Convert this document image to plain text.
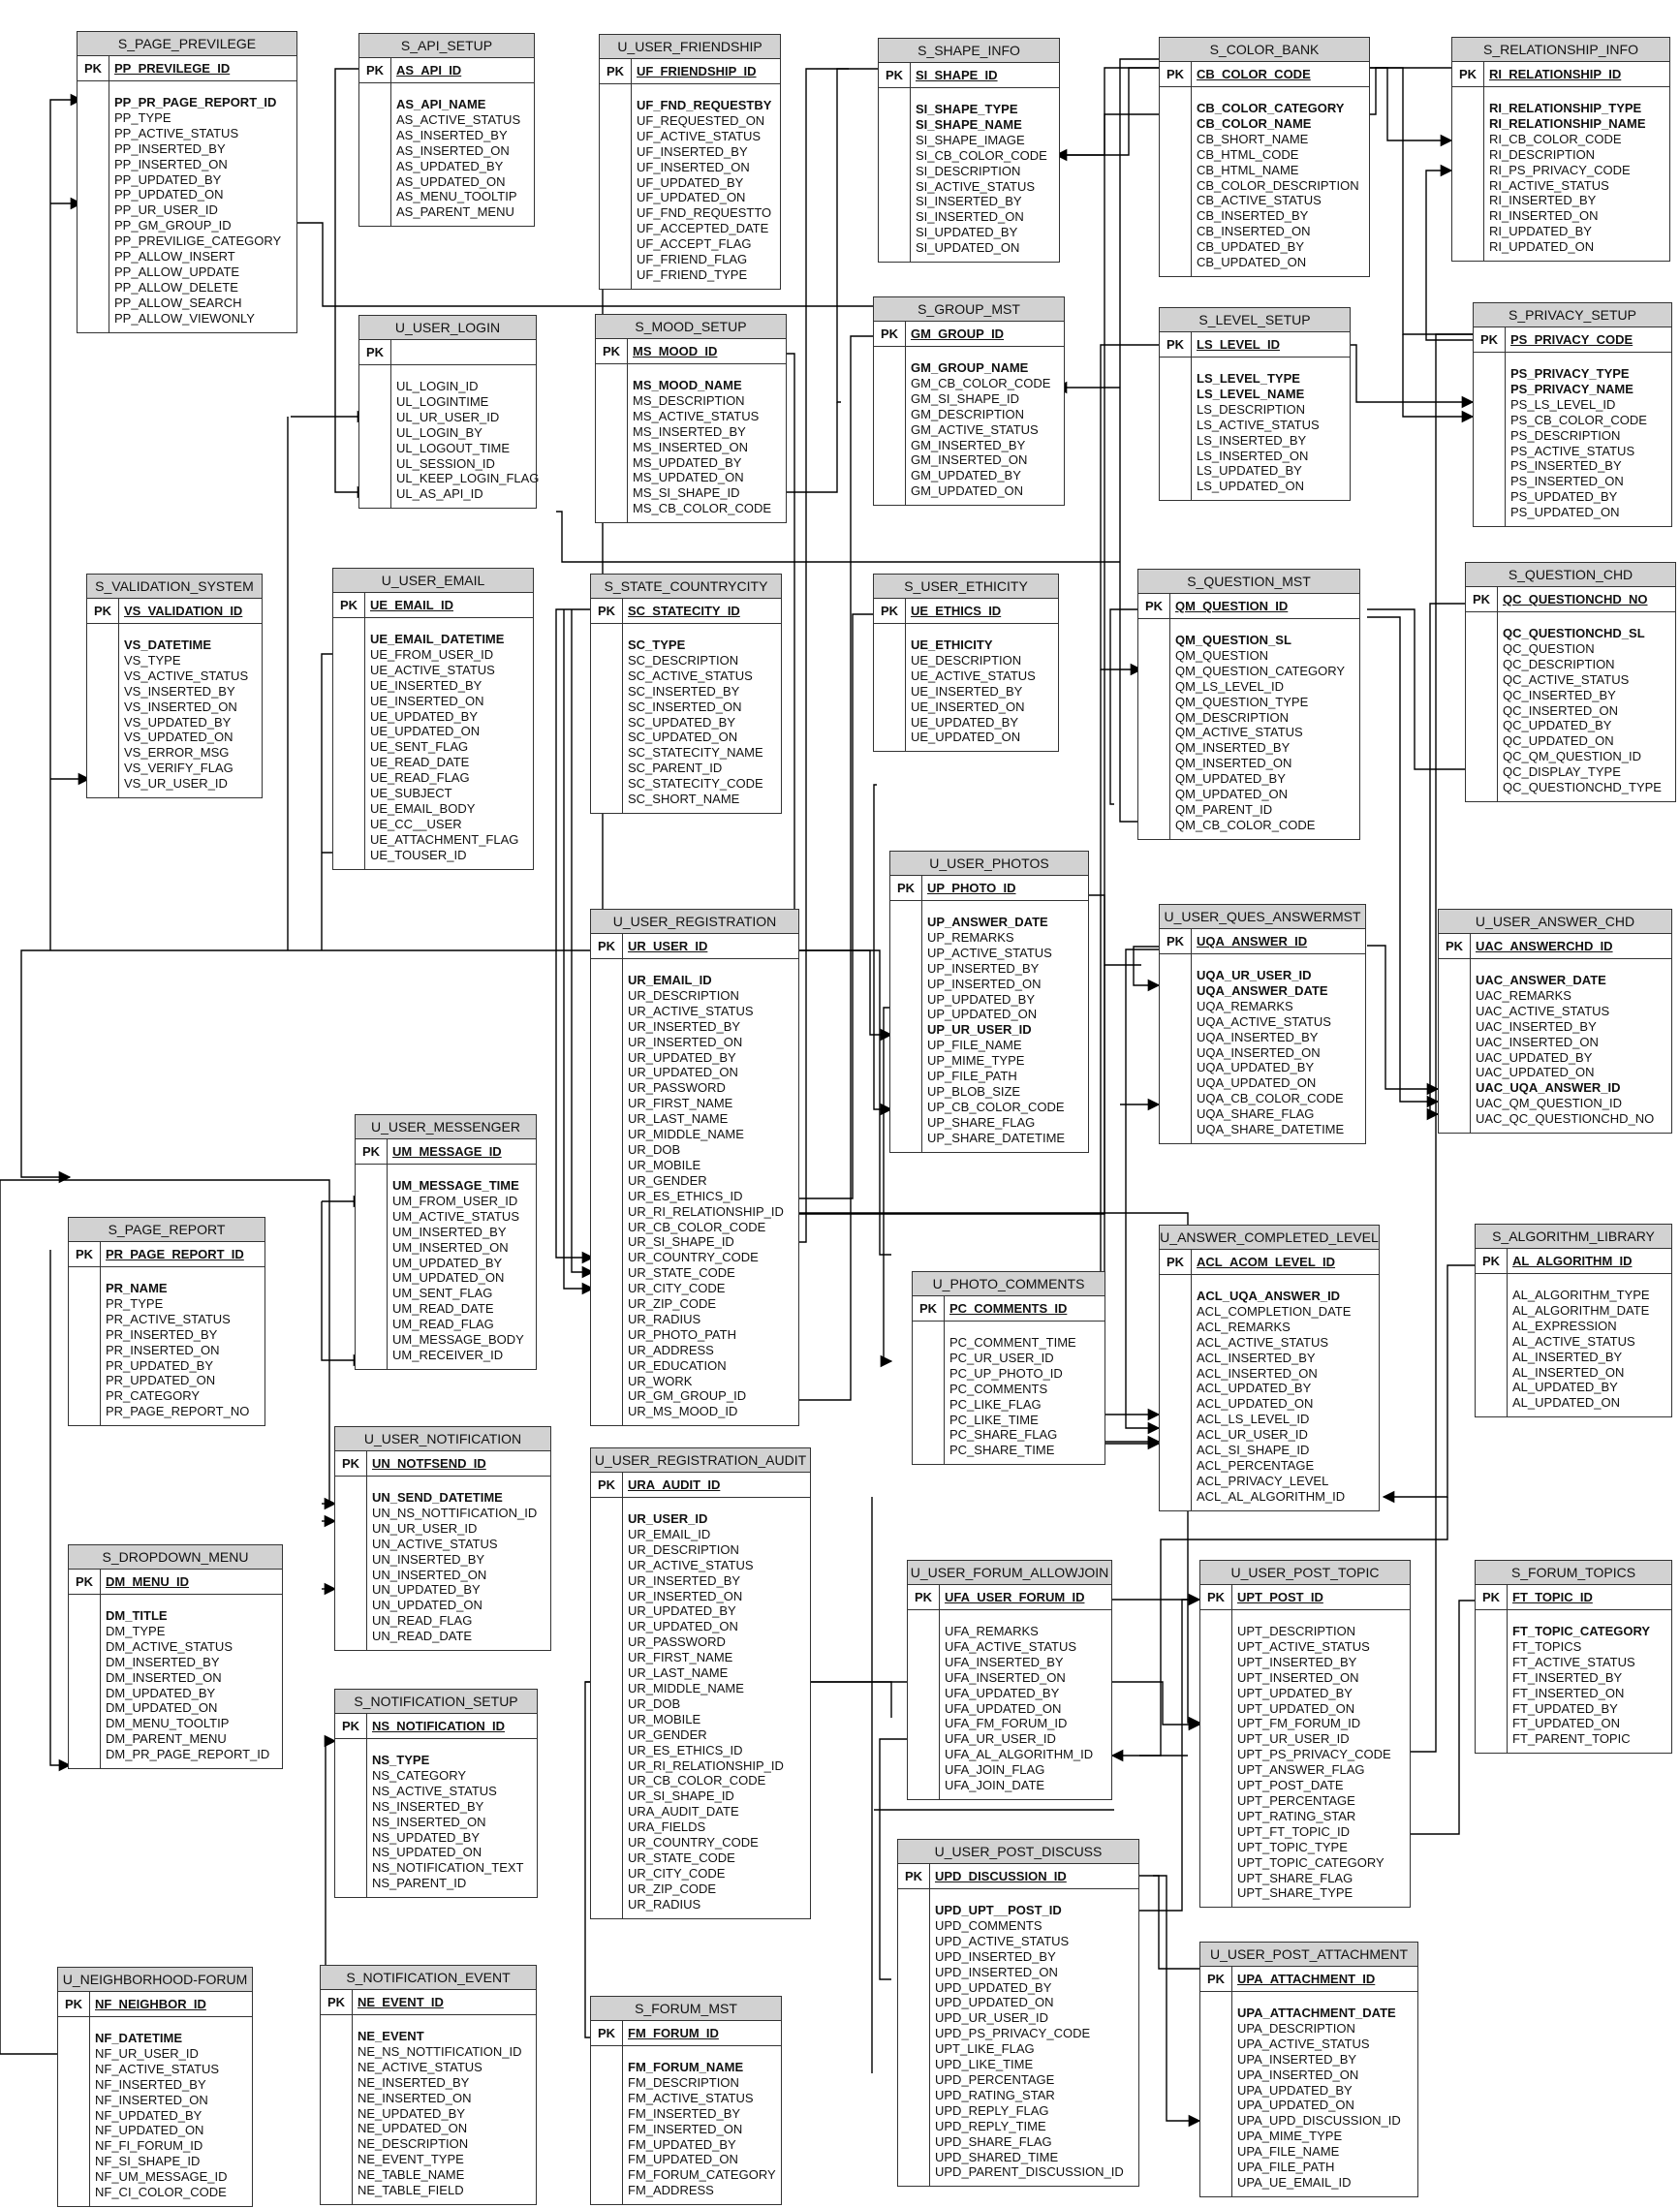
S_PAGE_PREVILEGE
PK PP_PREVILEGE_ID
PP_PR_PAGE_REPORT_ID
PP_TYPE
PP_ACTIVE_STATUS
PP_INSERTED_BY
PP_INSERTED_ON
PP_UPDATED_BY
PP_UPDATED_ON
PP_UR_USER_ID
PP_GM_GROUP_ID
PP_PREVILIGE_CATEGORY
PP_ALLOW_INSERT
PP_ALLOW_UPDATE
PP_ALLOW_DELETE
PP_ALLOW_SEARCH
PP_ALLOW_VIEWONLY
S_API_SETUP
PK AS_API_ID
AS_API_NAME
AS_ACTIVE_STATUS
AS_INSERTED_BY
AS_INSERTED_ON
AS_UPDATED_BY
AS_UPDATED_ON
AS_MENU_TOOLTIP
AS_PARENT_MENU
U_USER_FRIENDSHIP
PK UF_FRIENDSHIP_ID
UF_FND_REQUESTBY
UF_REQUESTED_ON
UF_ACTIVE_STATUS
UF_INSERTED_BY
UF_INSERTED_ON
UF_UPDATED_BY
UF_UPDATED_ON
UF_FND_REQUESTTO
UF_ACCEPTED_DATE
UF_ACCEPT_FLAG
UF_FRIEND_FLAG
UF_FRIEND_TYPE
S_SHAPE_INFO
PK SI_SHAPE_ID
SI_SHAPE_TYPE
SI_SHAPE_NAME
SI_SHAPE_IMAGE
SI_CB_COLOR_CODE
SI_DESCRIPTION
SI_ACTIVE_STATUS
SI_INSERTED_BY
SI_INSERTED_ON
SI_UPDATED_BY
SI_UPDATED_ON
S_COLOR_BANK
PK CB_COLOR_CODE
CB_COLOR_CATEGORY
CB_COLOR_NAME
CB_SHORT_NAME
CB_HTML_CODE
CB_HTML_NAME
CB_COLOR_DESCRIPTION
CB_ACTIVE_STATUS
CB_INSERTED_BY
CB_INSERTED_ON
CB_UPDATED_BY
CB_UPDATED_ON
S_RELATIONSHIP_INFO
PK RI_RELATIONSHIP_ID
RI_RELATIONSHIP_TYPE
RI_RELATIONSHIP_NAME
RI_CB_COLOR_CODE
RI_DESCRIPTION
RI_PS_PRIVACY_CODE
RI_ACTIVE_STATUS
RI_INSERTED_BY
RI_INSERTED_ON
RI_UPDATED_BY
RI_UPDATED_ON
U_USER_LOGIN
PK
UL_LOGIN_ID
UL_LOGINTIME
UL_UR_USER_ID
UL_LOGIN_BY
UL_LOGOUT_TIME
UL_SESSION_ID
UL_KEEP_LOGIN_FLAG
UL_AS_API_ID
S_MOOD_SETUP
PK MS_MOOD_ID
MS_MOOD_NAME
MS_DESCRIPTION
MS_ACTIVE_STATUS
MS_INSERTED_BY
MS_INSERTED_ON
MS_UPDATED_BY
MS_UPDATED_ON
MS_SI_SHAPE_ID
MS_CB_COLOR_CODE
S_GROUP_MST
PK GM_GROUP_ID
GM_GROUP_NAME
GM_CB_COLOR_CODE
GM_SI_SHAPE_ID
GM_DESCRIPTION
GM_ACTIVE_STATUS
GM_INSERTED_BY
GM_INSERTED_ON
GM_UPDATED_BY
GM_UPDATED_ON
S_LEVEL_SETUP
PK LS_LEVEL_ID
LS_LEVEL_TYPE
LS_LEVEL_NAME
LS_DESCRIPTION
LS_ACTIVE_STATUS
LS_INSERTED_BY
LS_INSERTED_ON
LS_UPDATED_BY
LS_UPDATED_ON
S_PRIVACY_SETUP
PK PS_PRIVACY_CODE
PS_PRIVACY_TYPE
PS_PRIVACY_NAME
PS_LS_LEVEL_ID
PS_CB_COLOR_CODE
PS_DESCRIPTION
PS_ACTIVE_STATUS
PS_INSERTED_BY
PS_INSERTED_ON
PS_UPDATED_BY
PS_UPDATED_ON
S_VALIDATION_SYSTEM
PK VS_VALIDATION_ID
VS_DATETIME
VS_TYPE
VS_ACTIVE_STATUS
VS_INSERTED_BY
VS_INSERTED_ON
VS_UPDATED_BY
VS_UPDATED_ON
VS_ERROR_MSG
VS_VERIFY_FLAG
VS_UR_USER_ID
U_USER_EMAIL
PK UE_EMAIL_ID
UE_EMAIL_DATETIME
UE_FROM_USER_ID
UE_ACTIVE_STATUS
UE_INSERTED_BY
UE_INSERTED_ON
UE_UPDATED_BY
UE_UPDATED_ON
UE_SENT_FLAG
UE_READ_DATE
UE_READ_FLAG
UE_SUBJECT
UE_EMAIL_BODY
UE_CC__USER
UE_ATTACHMENT_FLAG
UE_TOUSER_ID
S_STATE_COUNTRYCITY
PK SC_STATECITY_ID
SC_TYPE
SC_DESCRIPTION
SC_ACTIVE_STATUS
SC_INSERTED_BY
SC_INSERTED_ON
SC_UPDATED_BY
SC_UPDATED_ON
SC_STATECITY_NAME
SC_PARENT_ID
SC_STATECITY_CODE
SC_SHORT_NAME
S_USER_ETHICITY
PK UE_ETHICS_ID
UE_ETHICITY
UE_DESCRIPTION
UE_ACTIVE_STATUS
UE_INSERTED_BY
UE_INSERTED_ON
UE_UPDATED_BY
UE_UPDATED_ON
S_QUESTION_MST
PK QM_QUESTION_ID
QM_QUESTION_SL
QM_QUESTION
QM_QUESTION_CATEGORY
QM_LS_LEVEL_ID
QM_QUESTION_TYPE
QM_DESCRIPTION
QM_ACTIVE_STATUS
QM_INSERTED_BY
QM_INSERTED_ON
QM_UPDATED_BY
QM_UPDATED_ON
QM_PARENT_ID
QM_CB_COLOR_CODE
S_QUESTION_CHD
PK QC_QUESTIONCHD_NO
QC_QUESTIONCHD_SL
QC_QUESTION
QC_DESCRIPTION
QC_ACTIVE_STATUS
QC_INSERTED_BY
QC_INSERTED_ON
QC_UPDATED_BY
QC_UPDATED_ON
QC_QM_QUESTION_ID
QC_DISPLAY_TYPE
QC_QUESTIONCHD_TYPE
U_USER_PHOTOS
PK UP_PHOTO_ID
UP_ANSWER_DATE
UP_REMARKS
UP_ACTIVE_STATUS
UP_INSERTED_BY
UP_INSERTED_ON
UP_UPDATED_BY
UP_UPDATED_ON
UP_UR_USER_ID
UP_FILE_NAME
UP_MIME_TYPE
UP_FILE_PATH
UP_BLOB_SIZE
UP_CB_COLOR_CODE
UP_SHARE_FLAG
UP_SHARE_DATETIME
U_USER_QUES_ANSWERMST
PK UQA_ANSWER_ID
UQA_UR_USER_ID
UQA_ANSWER_DATE
UQA_REMARKS
UQA_ACTIVE_STATUS
UQA_INSERTED_BY
UQA_INSERTED_ON
UQA_UPDATED_BY
UQA_UPDATED_ON
UQA_CB_COLOR_CODE
UQA_SHARE_FLAG
UQA_SHARE_DATETIME
U_USER_ANSWER_CHD
PK UAC_ANSWERCHD_ID
UAC_ANSWER_DATE
UAC_REMARKS
UAC_ACTIVE_STATUS
UAC_INSERTED_BY
UAC_INSERTED_ON
UAC_UPDATED_BY
UAC_UPDATED_ON
UAC_UQA_ANSWER_ID
UAC_QM_QUESTION_ID
UAC_QC_QUESTIONCHD_NO
U_USER_REGISTRATION
PK UR_USER_ID
UR_EMAIL_ID
UR_DESCRIPTION
UR_ACTIVE_STATUS
UR_INSERTED_BY
UR_INSERTED_ON
UR_UPDATED_BY
UR_UPDATED_ON
UR_PASSWORD
UR_FIRST_NAME
UR_LAST_NAME
UR_MIDDLE_NAME
UR_DOB
UR_MOBILE
UR_GENDER
UR_ES_ETHICS_ID
UR_RI_RELATIONSHIP_ID
UR_CB_COLOR_CODE
UR_SI_SHAPE_ID
UR_COUNTRY_CODE
UR_STATE_CODE
UR_CITY_CODE
UR_ZIP_CODE
UR_RADIUS
UR_PHOTO_PATH
UR_ADDRESS
UR_EDUCATION
UR_WORK
UR_GM_GROUP_ID
UR_MS_MOOD_ID
U_USER_MESSENGER
PK UM_MESSAGE_ID
UM_MESSAGE_TIME
UM_FROM_USER_ID
UM_ACTIVE_STATUS
UM_INSERTED_BY
UM_INSERTED_ON
UM_UPDATED_BY
UM_UPDATED_ON
UM_SENT_FLAG
UM_READ_DATE
UM_READ_FLAG
UM_MESSAGE_BODY
UM_RECEIVER_ID
S_PAGE_REPORT
PK PR_PAGE_REPORT_ID
PR_NAME
PR_TYPE
PR_ACTIVE_STATUS
PR_INSERTED_BY
PR_INSERTED_ON
PR_UPDATED_BY
PR_UPDATED_ON
PR_CATEGORY
PR_PAGE_REPORT_NO
U_ANSWER_COMPLETED_LEVEL
PK ACL_ACOM_LEVEL_ID
ACL_UQA_ANSWER_ID
ACL_COMPLETION_DATE
ACL_REMARKS
ACL_ACTIVE_STATUS
ACL_INSERTED_BY
ACL_INSERTED_ON
ACL_UPDATED_BY
ACL_UPDATED_ON
ACL_LS_LEVEL_ID
ACL_UR_USER_ID
ACL_SI_SHAPE_ID
ACL_PERCENTAGE
ACL_PRIVACY_LEVEL
ACL_AL_ALGORITHM_ID
S_ALGORITHM_LIBRARY
PK AL_ALGORITHM_ID
AL_ALGORITHM_TYPE
AL_ALGORITHM_DATE
AL_EXPRESSION
AL_ACTIVE_STATUS
AL_INSERTED_BY
AL_INSERTED_ON
AL_UPDATED_BY
AL_UPDATED_ON
U_PHOTO_COMMENTS
PK PC_COMMENTS_ID
PC_COMMENT_TIME
PC_UR_USER_ID
PC_UP_PHOTO_ID
PC_COMMENTS
PC_LIKE_FLAG
PC_LIKE_TIME
PC_SHARE_FLAG
PC_SHARE_TIME
U_USER_NOTIFICATION
PK UN_NOTFSEND_ID
UN_SEND_DATETIME
UN_NS_NOTTIFICATION_ID
UN_UR_USER_ID
UN_ACTIVE_STATUS
UN_INSERTED_BY
UN_INSERTED_ON
UN_UPDATED_BY
UN_UPDATED_ON
UN_READ_FLAG
UN_READ_DATE
U_USER_REGISTRATION_AUDIT
PK URA_AUDIT_ID
UR_USER_ID
UR_EMAIL_ID
UR_DESCRIPTION
UR_ACTIVE_STATUS
UR_INSERTED_BY
UR_INSERTED_ON
UR_UPDATED_BY
UR_UPDATED_ON
UR_PASSWORD
UR_FIRST_NAME
UR_LAST_NAME
UR_MIDDLE_NAME
UR_DOB
UR_MOBILE
UR_GENDER
UR_ES_ETHICS_ID
UR_RI_RELATIONSHIP_ID
UR_CB_COLOR_CODE
UR_SI_SHAPE_ID
URA_AUDIT_DATE
URA_FIELDS
UR_COUNTRY_CODE
UR_STATE_CODE
UR_CITY_CODE
UR_ZIP_CODE
UR_RADIUS
S_DROPDOWN_MENU
PK DM_MENU_ID
DM_TITLE
DM_TYPE
DM_ACTIVE_STATUS
DM_INSERTED_BY
DM_INSERTED_ON
DM_UPDATED_BY
DM_UPDATED_ON
DM_MENU_TOOLTIP
DM_PARENT_MENU
DM_PR_PAGE_REPORT_ID
U_USER_FORUM_ALLOWJOIN
PK UFA_USER_FORUM_ID
UFA_REMARKS
UFA_ACTIVE_STATUS
UFA_INSERTED_BY
UFA_INSERTED_ON
UFA_UPDATED_BY
UFA_UPDATED_ON
UFA_FM_FORUM_ID
UFA_UR_USER_ID
UFA_AL_ALGORITHM_ID
UFA_JOIN_FLAG
UFA_JOIN_DATE
U_USER_POST_TOPIC
PK UPT_POST_ID
UPT_DESCRIPTION
UPT_ACTIVE_STATUS
UPT_INSERTED_BY
UPT_INSERTED_ON
UPT_UPDATED_BY
UPT_UPDATED_ON
UPT_FM_FORUM_ID
UPT_UR_USER_ID
UPT_PS_PRIVACY_CODE
UPT_ANSWER_FLAG
UPT_POST_DATE
UPT_PERCENTAGE
UPT_RATING_STAR
UPT_FT_TOPIC_ID
UPT_TOPIC_TYPE
UPT_TOPIC_CATEGORY
UPT_SHARE_FLAG
UPT_SHARE_TYPE
S_FORUM_TOPICS
PK FT_TOPIC_ID
FT_TOPIC_CATEGORY
FT_TOPICS
FT_ACTIVE_STATUS
FT_INSERTED_BY
FT_INSERTED_ON
FT_UPDATED_BY
FT_UPDATED_ON
FT_PARENT_TOPIC
S_NOTIFICATION_SETUP
PK NS_NOTIFICATION_ID
NS_TYPE
NS_CATEGORY
NS_ACTIVE_STATUS
NS_INSERTED_BY
NS_INSERTED_ON
NS_UPDATED_BY
NS_UPDATED_ON
NS_NOTIFICATION_TEXT
NS_PARENT_ID
U_USER_POST_DISCUSS
PK UPD_DISCUSSION_ID
UPD_UPT__POST_ID
UPD_COMMENTS
UPD_ACTIVE_STATUS
UPD_INSERTED_BY
UPD_INSERTED_ON
UPD_UPDATED_BY
UPD_UPDATED_ON
UPD_UR_USER_ID
UPD_PS_PRIVACY_CODE
UPT_LIKE_FLAG
UPD_LIKE_TIME
UPD_PERCENTAGE
UPD_RATING_STAR
UPD_REPLY_FLAG
UPD_REPLY_TIME
UPD_SHARE_FLAG
UPD_SHARED_TIME
UPD_PARENT_DISCUSSION_ID
U_USER_POST_ATTACHMENT
PK UPA_ATTACHMENT_ID
UPA_ATTACHMENT_DATE
UPA_DESCRIPTION
UPA_ACTIVE_STATUS
UPA_INSERTED_BY
UPA_INSERTED_ON
UPA_UPDATED_BY
UPA_UPDATED_ON
UPA_UPD_DISCUSSION_ID
UPA_MIME_TYPE
UPA_FILE_NAME
UPA_FILE_PATH
UPA_UE_EMAIL_ID
U_NEIGHBORHOOD-FORUM
PK NF_NEIGHBOR_ID
NF_DATETIME
NF_UR_USER_ID
NF_ACTIVE_STATUS
NF_INSERTED_BY
NF_INSERTED_ON
NF_UPDATED_BY
NF_UPDATED_ON
NF_FI_FORUM_ID
NF_SI_SHAPE_ID
NF_UM_MESSAGE_ID
NF_CI_COLOR_CODE
S_NOTIFICATION_EVENT
PK NE_EVENT_ID
NE_EVENT
NE_NS_NOTTIFICATION_ID
NE_ACTIVE_STATUS
NE_INSERTED_BY
NE_INSERTED_ON
NE_UPDATED_BY
NE_UPDATED_ON
NE_DESCRIPTION
NE_EVENT_TYPE
NE_TABLE_NAME
NE_TABLE_FIELD
S_FORUM_MST
PK FM_FORUM_ID
FM_FORUM_NAME
FM_DESCRIPTION
FM_ACTIVE_STATUS
FM_INSERTED_BY
FM_INSERTED_ON
FM_UPDATED_BY
FM_UPDATED_ON
FM_FORUM_CATEGORY
FM_ADDRESS
